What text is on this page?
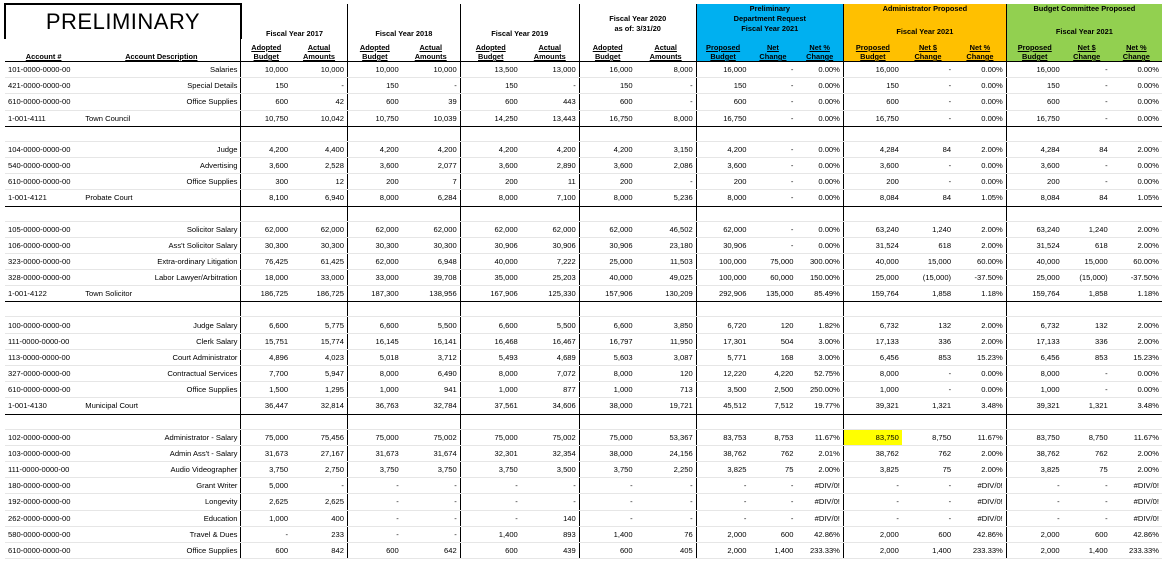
PRELIMINARY		Fiscal Year 2017		Fiscal Year 2018		Fiscal Year 2019		Fiscal Year 2020		Preliminary
Department Request			Administrator Proposed			Budget Committee Proposed		
								as of: 3/31/20		Fiscal Year 2021			Fiscal Year 2021			Fiscal Year 2021		
Account #	Account Description	Adopted Budget	Actual Amounts	Adopted Budget	Actual Amounts	Adopted Budget	Actual Amounts	Adopted Budget	Actual Amounts	Proposed Budget	Net Change	Net % Change	Proposed Budget	Net $ Change	Net % Change	Proposed Budget	Net $ Change	Net % Change
101-0000-0000-00	Salaries	10,000	10,000	10,000	10,000	13,500	13,000	16,000	8,000	16,000	-	0.00%	16,000	-	0.00%	16,000	-	0.00%
421-0000-0000-00	Special Details	150	-	150	-	150	-	150	-	150	-	0.00%	150	-	0.00%	150	-	0.00%
610-0000-0000-00	Office Supplies	600	42	600	39	600	443	600	-	600	-	0.00%	600	-	0.00%	600	-	0.00%
1-001-4111	Town Council	10,750	10,042	10,750	10,039	14,250	13,443	16,750	8,000	16,750	-	0.00%	16,750	-	0.00%	16,750	-	0.00%

104-0000-0000-00	Judge	4,200	4,400	4,200	4,200	4,200	4,200	4,200	3,150	4,200	-	0.00%	4,284	84	2.00%	4,284	84	2.00%
540-0000-0000-00	Advertising	3,600	2,528	3,600	2,077	3,600	2,890	3,600	2,086	3,600	-	0.00%	3,600	-	0.00%	3,600	-	0.00%
610-0000-0000-00	Office Supplies	300	12	200	7	200	11	200	-	200	-	0.00%	200	-	0.00%	200	-	0.00%
1-001-4121	Probate Court	8,100	6,940	8,000	6,284	8,000	7,100	8,000	5,236	8,000	-	0.00%	8,084	84	1.05%	8,084	84	1.05%

105-0000-0000-00	Solicitor Salary	62,000	62,000	62,000	62,000	62,000	62,000	62,000	46,502	62,000	-	0.00%	63,240	1,240	2.00%	63,240	1,240	2.00%
106-0000-0000-00	Ass't Solicitor Salary	30,300	30,300	30,300	30,300	30,906	30,906	30,906	23,180	30,906	-	0.00%	31,524	618	2.00%	31,524	618	2.00%
323-0000-0000-00	Extra-ordinary Litigation	76,425	61,425	62,000	6,948	40,000	7,222	25,000	11,503	100,000	75,000	300.00%	40,000	15,000	60.00%	40,000	15,000	60.00%
328-0000-0000-00	Labor Lawyer/Arbitration	18,000	33,000	33,000	39,708	35,000	25,203	40,000	49,025	100,000	60,000	150.00%	25,000	(15,000)	-37.50%	25,000	(15,000)	-37.50%
1-001-4122	Town Solicitor	186,725	186,725	187,300	138,956	167,906	125,330	157,906	130,209	292,906	135,000	85.49%	159,764	1,858	1.18%	159,764	1,858	1.18%

100-0000-0000-00	Judge Salary	6,600	5,775	6,600	5,500	6,600	5,500	6,600	3,850	6,720	120	1.82%	6,732	132	2.00%	6,732	132	2.00%
111-0000-0000-00	Clerk Salary	15,751	15,774	16,145	16,141	16,468	16,467	16,797	11,950	17,301	504	3.00%	17,133	336	2.00%	17,133	336	2.00%
113-0000-0000-00	Court Administrator	4,896	4,023	5,018	3,712	5,493	4,689	5,603	3,087	5,771	168	3.00%	6,456	853	15.23%	6,456	853	15.23%
327-0000-0000-00	Contractual Services	7,700	5,947	8,000	6,490	8,000	7,072	8,000	120	12,220	4,220	52.75%	8,000	-	0.00%	8,000	-	0.00%
610-0000-0000-00	Office Supplies	1,500	1,295	1,000	941	1,000	877	1,000	713	3,500	2,500	250.00%	1,000	-	0.00%	1,000	-	0.00%
1-001-4130	Municipal Court	36,447	32,814	36,763	32,784	37,561	34,606	38,000	19,721	45,512	7,512	19.77%	39,321	1,321	3.48%	39,321	1,321	3.48%

102-0000-0000-00	Administrator - Salary	75,000	75,456	75,000	75,002	75,000	75,002	75,000	53,367	83,753	8,753	11.67%	83,750	8,750	11.67%	83,750	8,750	11.67%
103-0000-0000-00	Admin Ass't - Salary	31,673	27,167	31,673	31,674	32,301	32,354	38,000	24,156	38,762	762	2.01%	38,762	762	2.00%	38,762	762	2.00%
111-0000-0000-00	Audio Videographer	3,750	2,750	3,750	3,750	3,750	3,500	3,750	2,250	3,825	75	2.00%	3,825	75	2.00%	3,825	75	2.00%
180-0000-0000-00	Grant Writer	5,000	-	-	-	-	-	-	-	-	-	#DIV/0!	-	-	#DIV/0!	-	-	#DIV/0!
192-0000-0000-00	Longevity	2,625	2,625	-	-	-	-	-	-	-	-	#DIV/0!	-	-	#DIV/0!	-	-	#DIV/0!
262-0000-0000-00	Education	1,000	400	-	-	-	140	-	-	-	-	#DIV/0!	-	-	#DIV/0!	-	-	#DIV/0!
580-0000-0000-00	Travel & Dues	-	233	-	-	1,400	893	1,400	76	2,000	600	42.86%	2,000	600	42.86%	2,000	600	42.86%
610-0000-0000-00	Office Supplies	600	842	600	642	600	439	600	405	2,000	1,400	233.33%	2,000	1,400	233.33%	2,000	1,400	233.33%
